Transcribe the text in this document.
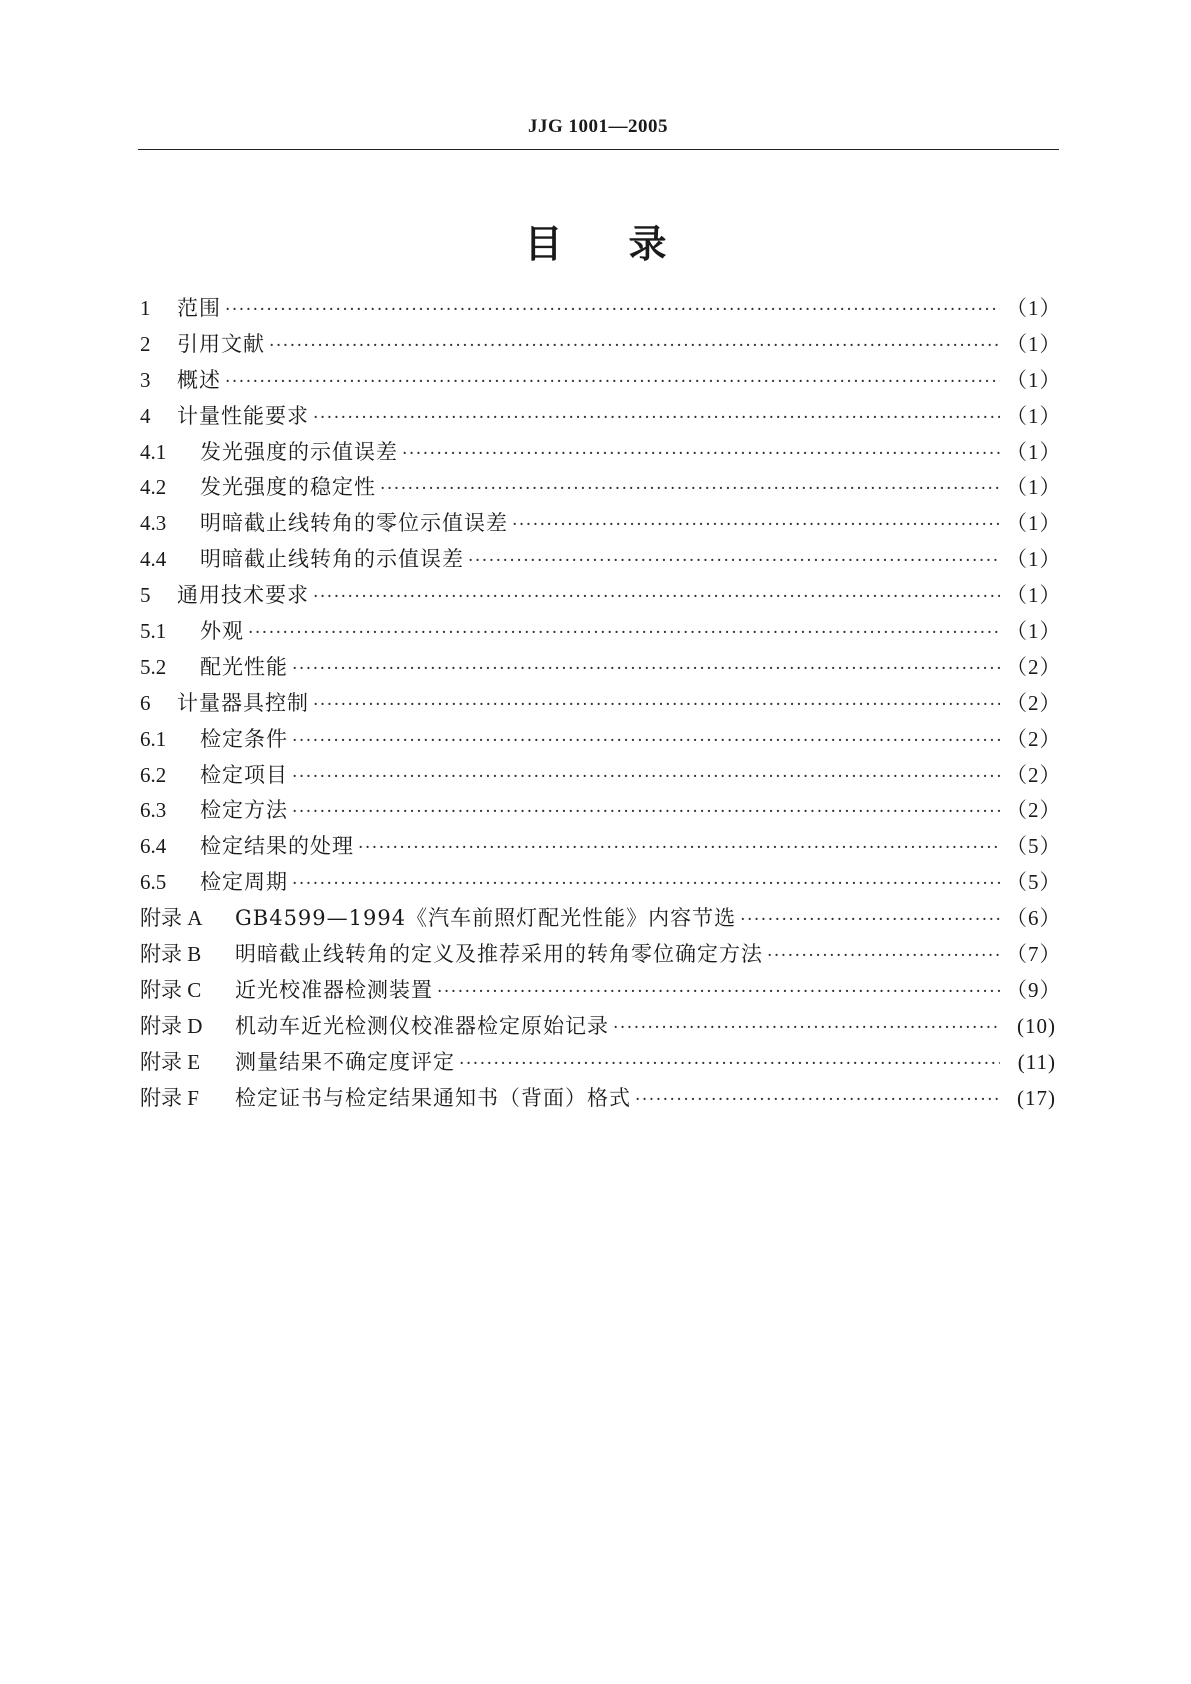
JJG 1001—2005
目录
1	范围 ·····	（1）
2	引用文献 ·····	（1）
3	概述 ·····	（1）
4	计量性能要求 ·····	（1）
4.1	发光强度的示值误差 ·····	（1）
4.2	发光强度的稳定性 ·····	（1）
4.3	明暗截止线转角的零位示值误差 ·····	（1）
4.4	明暗截止线转角的示值误差 ·····	（1）
5	通用技术要求 ·····	（1）
5.1	外观 ·····	（1）
5.2	配光性能 ·····	（2）
6	计量器具控制 ·····	（2）
6.1	检定条件 ·····	（2）
6.2	检定项目 ·····	（2）
6.3	检定方法 ·····	（2）
6.4	检定结果的处理 ·····	（5）
6.5	检定周期 ·····	（5）
附录 A	GB4599—1994《汽车前照灯配光性能》内容节选 ·····	（6）
附录 B	明暗截止线转角的定义及推荐采用的转角零位确定方法 ·····	（7）
附录 C	近光校准器检测装置 ·····	（9）
附录 D	机动车近光检测仪校准器检定原始记录 ·····	(10)
附录 E	测量结果不确定度评定 ·····	(11)
附录 F	检定证书与检定结果通知书（背面）格式 ·····	(17)
